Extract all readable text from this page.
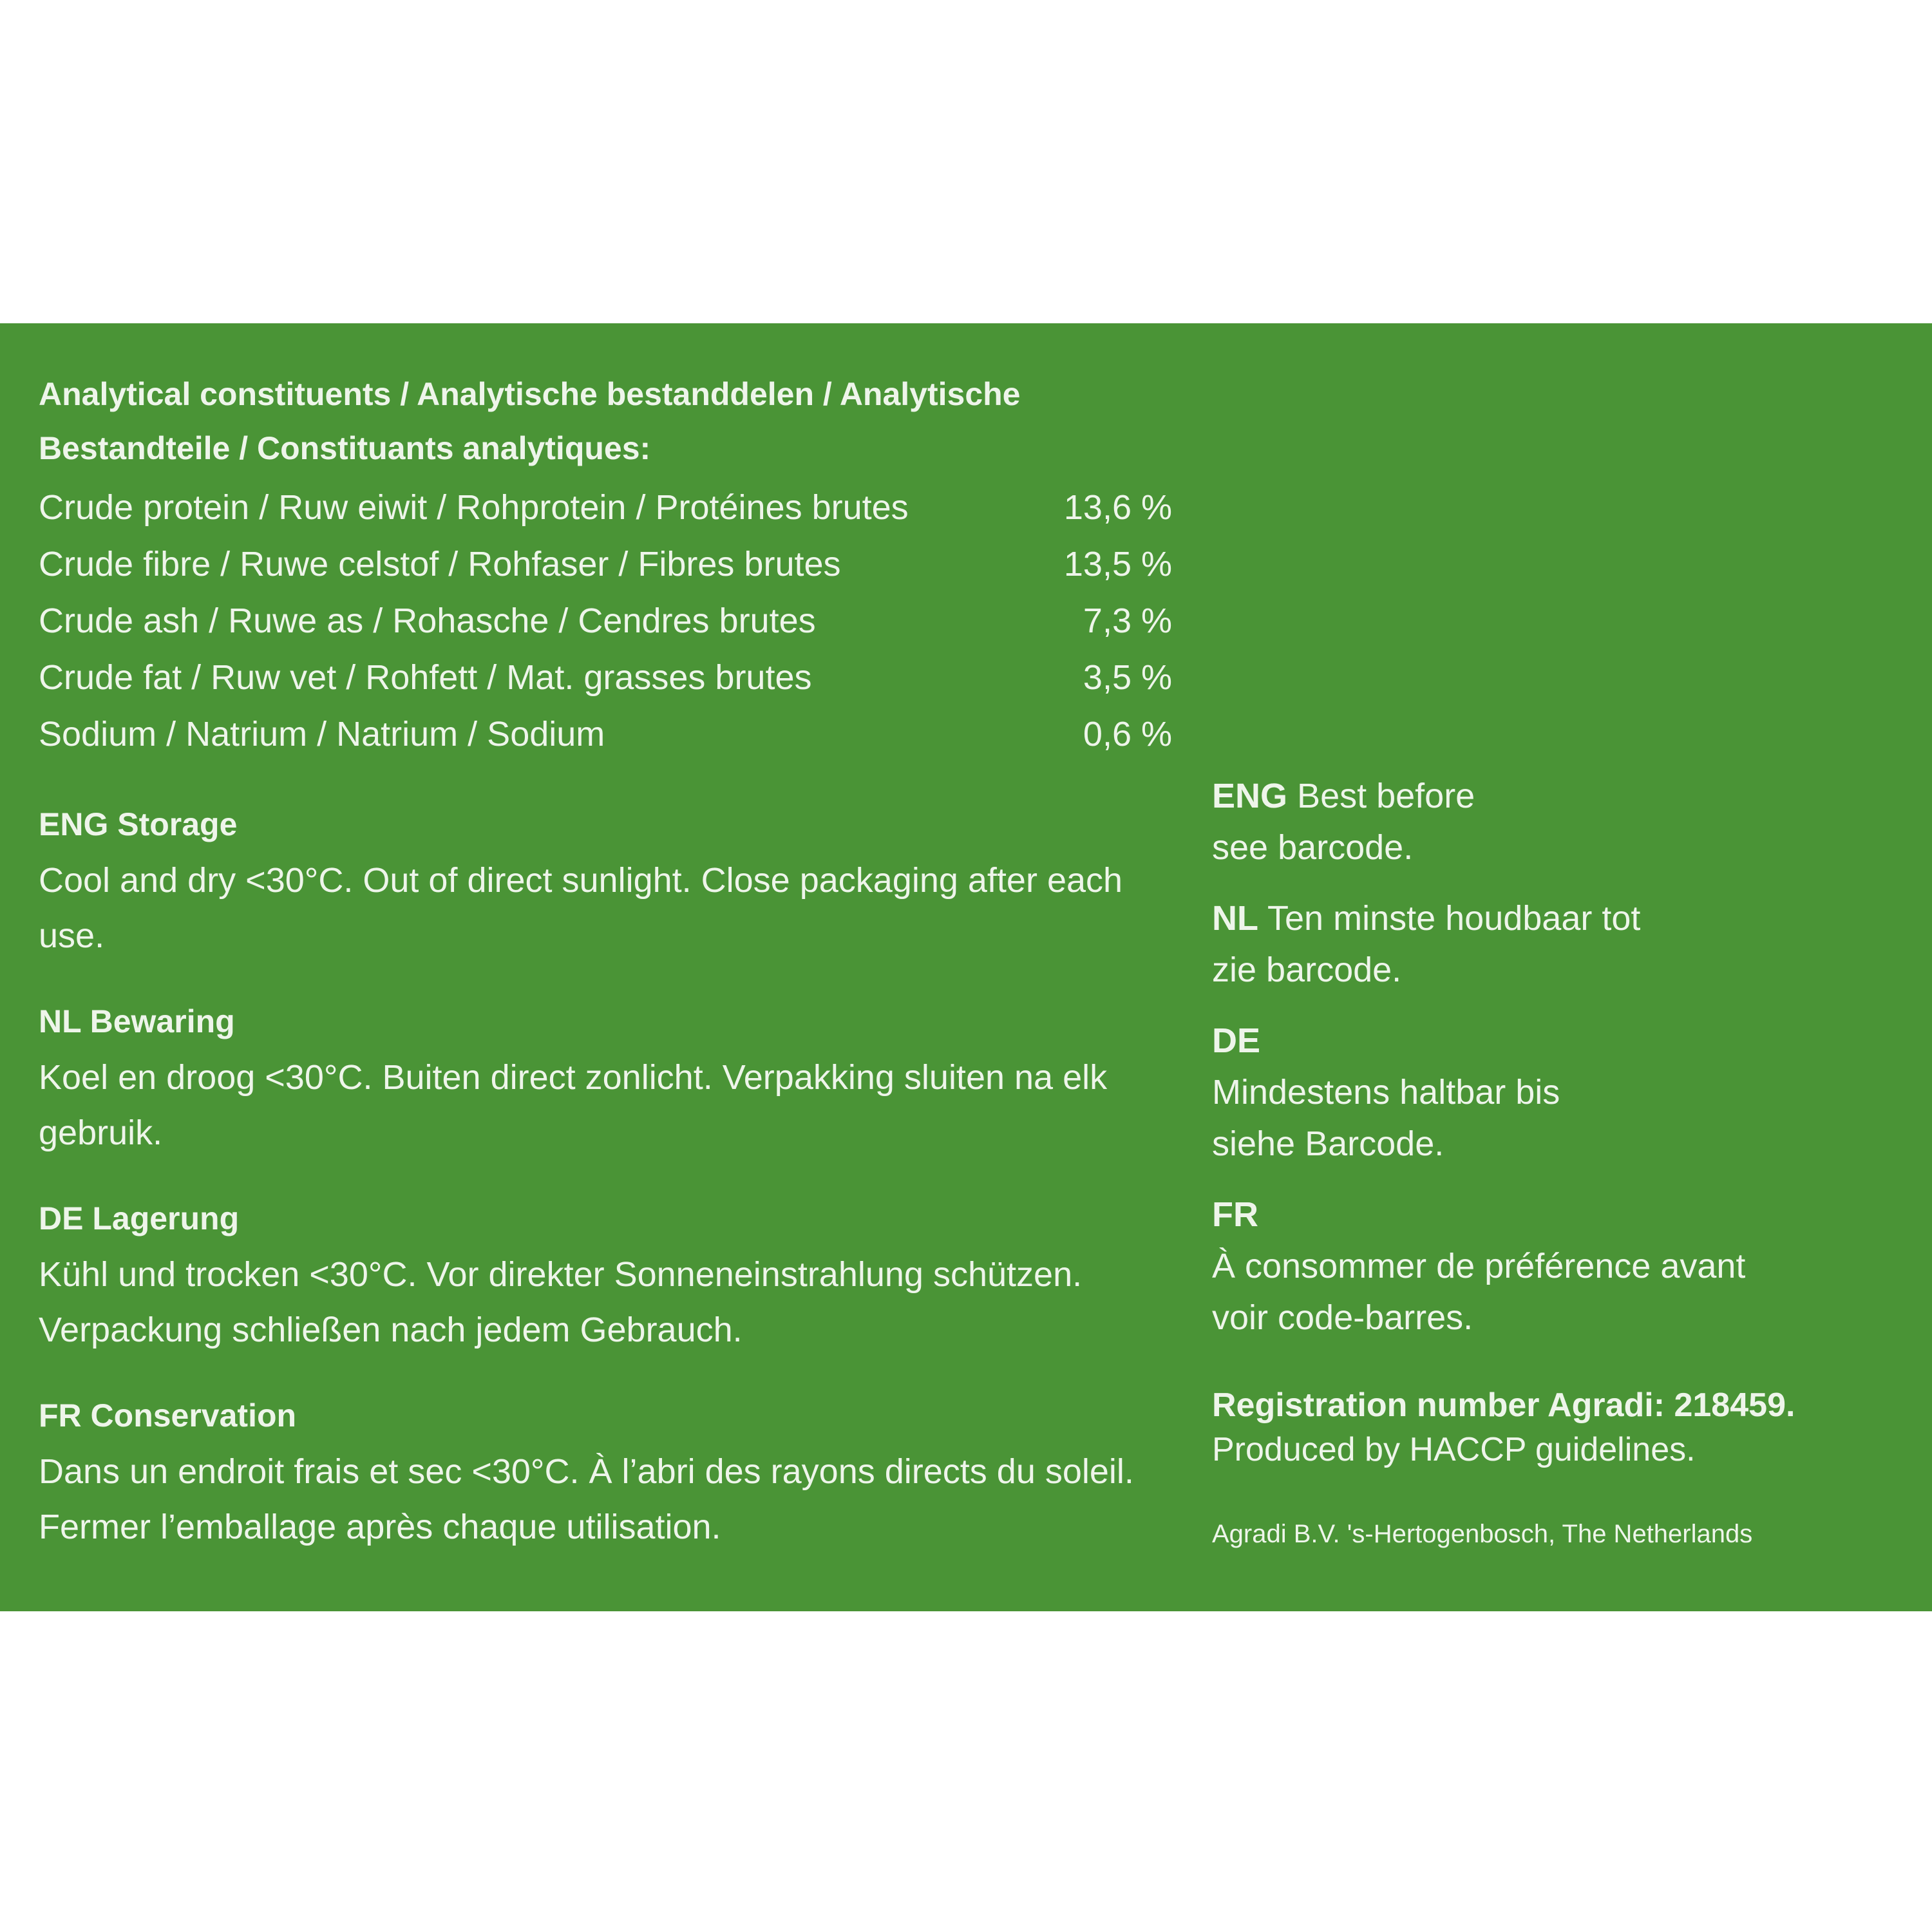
Analytical constituents / Analytische bestanddelen / Analytische Bestandteile / Constituants analytiques:

Crude protein / Ruw eiwit / Rohprotein / Protéines brutes	13,6 %
Crude fibre / Ruwe celstof / Rohfaser / Fibres brutes	13,5 %
Crude ash / Ruwe as / Rohasche / Cendres brutes	7,3 %
Crude fat / Ruw vet / Rohfett / Mat. grasses brutes	3,5 %
Sodium / Natrium / Natrium / Sodium	0,6 %

ENG Storage

Cool and dry <30°C. Out of direct sunlight. Close packaging after each use.

NL Bewaring

Koel en droog <30°C. Buiten direct zonlicht. Verpakking sluiten na elk gebruik.

DE Lagerung

Kühl und trocken <30°C. Vor direkter Sonneneinstrahlung schützen. Verpackung schließen nach jedem Gebrauch.

FR Conservation

Dans un endroit frais et sec <30°C. À l’abri des rayons directs du soleil.

Fermer l’emballage après chaque utilisation.

ENG Best before

see barcode.

NL Ten minste houdbaar tot

zie barcode.

DE

Mindestens haltbar bis

siehe Barcode.

FR

À consommer de préférence avant

voir code-barres.

Registration number Agradi: 218459.

Produced by HACCP guidelines.

Agradi B.V. 's-Hertogenbosch, The Netherlands
